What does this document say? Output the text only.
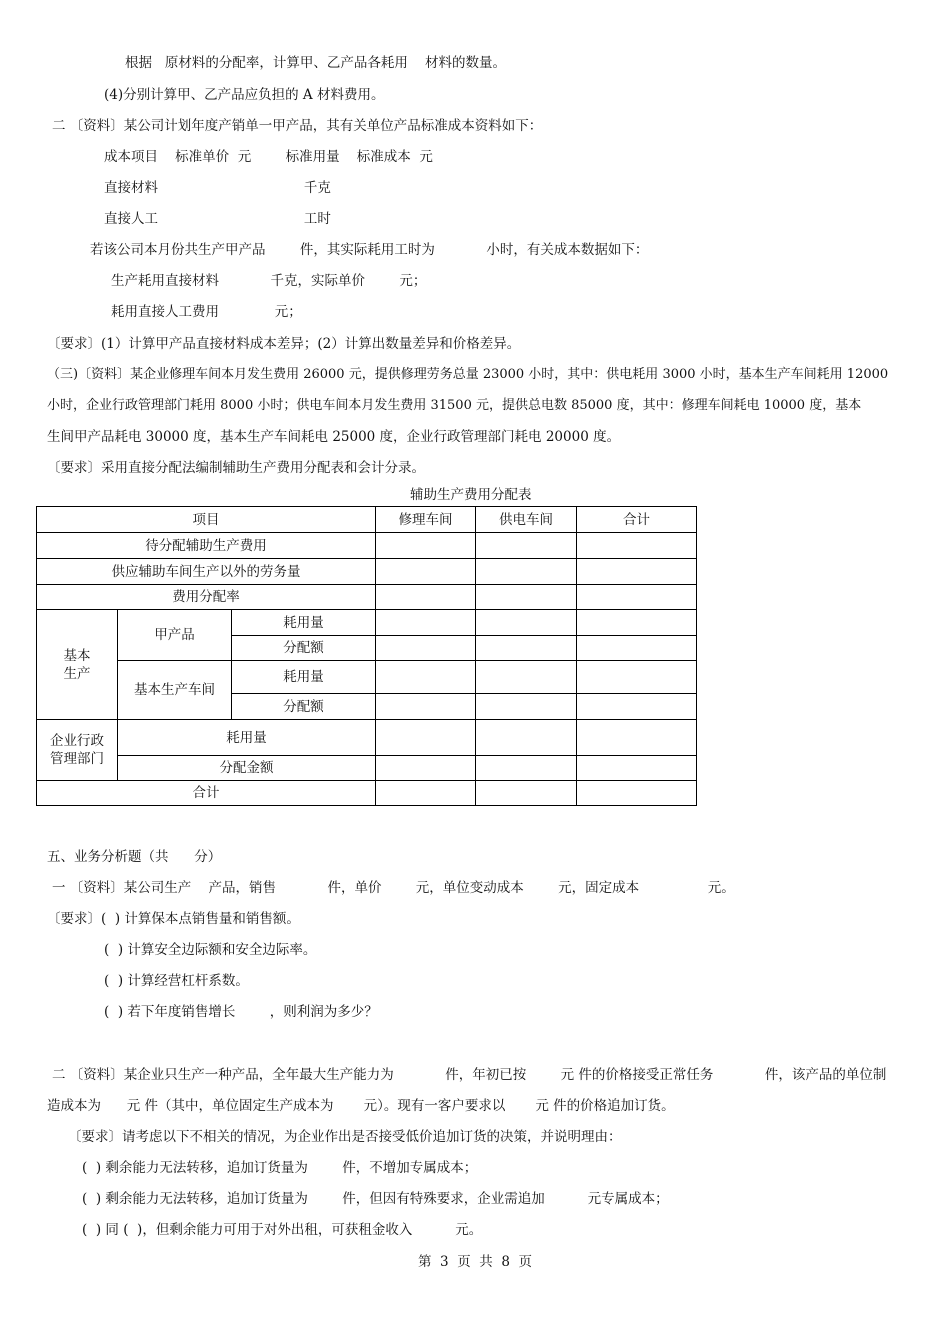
根据   原材料的分配率，计算甲、乙产品各耗用    材料的数量。
(4)分别计算甲、乙产品应负担的 A 材料费用。
二 〔资料〕某公司计划年度产销单一甲产品，其有关单位产品标准成本资料如下：
成本项目    标准单价  元        标准用量    标准成本  元
直接材料                                  千克
直接人工                                  工时
若该公司本月份共生产甲产品        件，其实际耗用工时为            小时，有关成本数据如下：
生产耗用直接材料            千克，实际单价        元；
耗用直接人工费用             元；
〔要求〕(1）计算甲产品直接材料成本差异；(2）计算出数量差异和价格差异。
（三)〔资料〕某企业修理车间本月发生费用 26000 元，提供修理劳务总量 23000 小时，其中：供电耗用 3000 小时，基本生产车间耗用 12000
小时，企业行政管理部门耗用 8000 小时；供电车间本月发生费用 31500 元，提供总电数 85000 度，其中：修理车间耗电 10000 度，基本
生间甲产品耗电 30000 度，基本生产车间耗电 25000 度，企业行政管理部门耗电 20000 度。
〔要求〕采用直接分配法编制辅助生产费用分配表和会计分录。
辅助生产费用分配表
项目			修理车间	供电车间	合计
待分配辅助生产费用					
供应辅助车间生产以外的劳务量					
费用分配率					
基本
生产	甲产品	耗用量			
		分配额			
	基本生产车间	耗用量			
		分配额			
企业行政
管理部门	耗用量				
	分配金额				
合计					
五、业务分析题（共      分）
一 〔资料〕某公司生产    产品，销售            件，单价        元，单位变动成本        元，固定成本                元。
〔要求〕(  ) 计算保本点销售量和销售额。
(  ) 计算安全边际额和安全边际率。
(  ) 计算经营杠杆系数。
(  ) 若下年度销售增长        ，则利润为多少？
二 〔资料〕某企业只生产一种产品，全年最大生产能力为            件，年初已按        元 件的价格接受正常任务            件，该产品的单位制
造成本为      元 件（其中，单位固定生产成本为       元）。现有一客户要求以       元 件的价格追加订货。
〔要求〕请考虑以下不相关的情况，为企业作出是否接受低价追加订货的决策，并说明理由：
(  ) 剩余能力无法转移，追加订货量为        件，不增加专属成本；
(  ) 剩余能力无法转移，追加订货量为        件，但因有特殊要求，企业需追加          元专属成本；
(  ) 同 (  )，但剩余能力可用于对外出租，可获租金收入          元。
第  3  页  共  8  页
